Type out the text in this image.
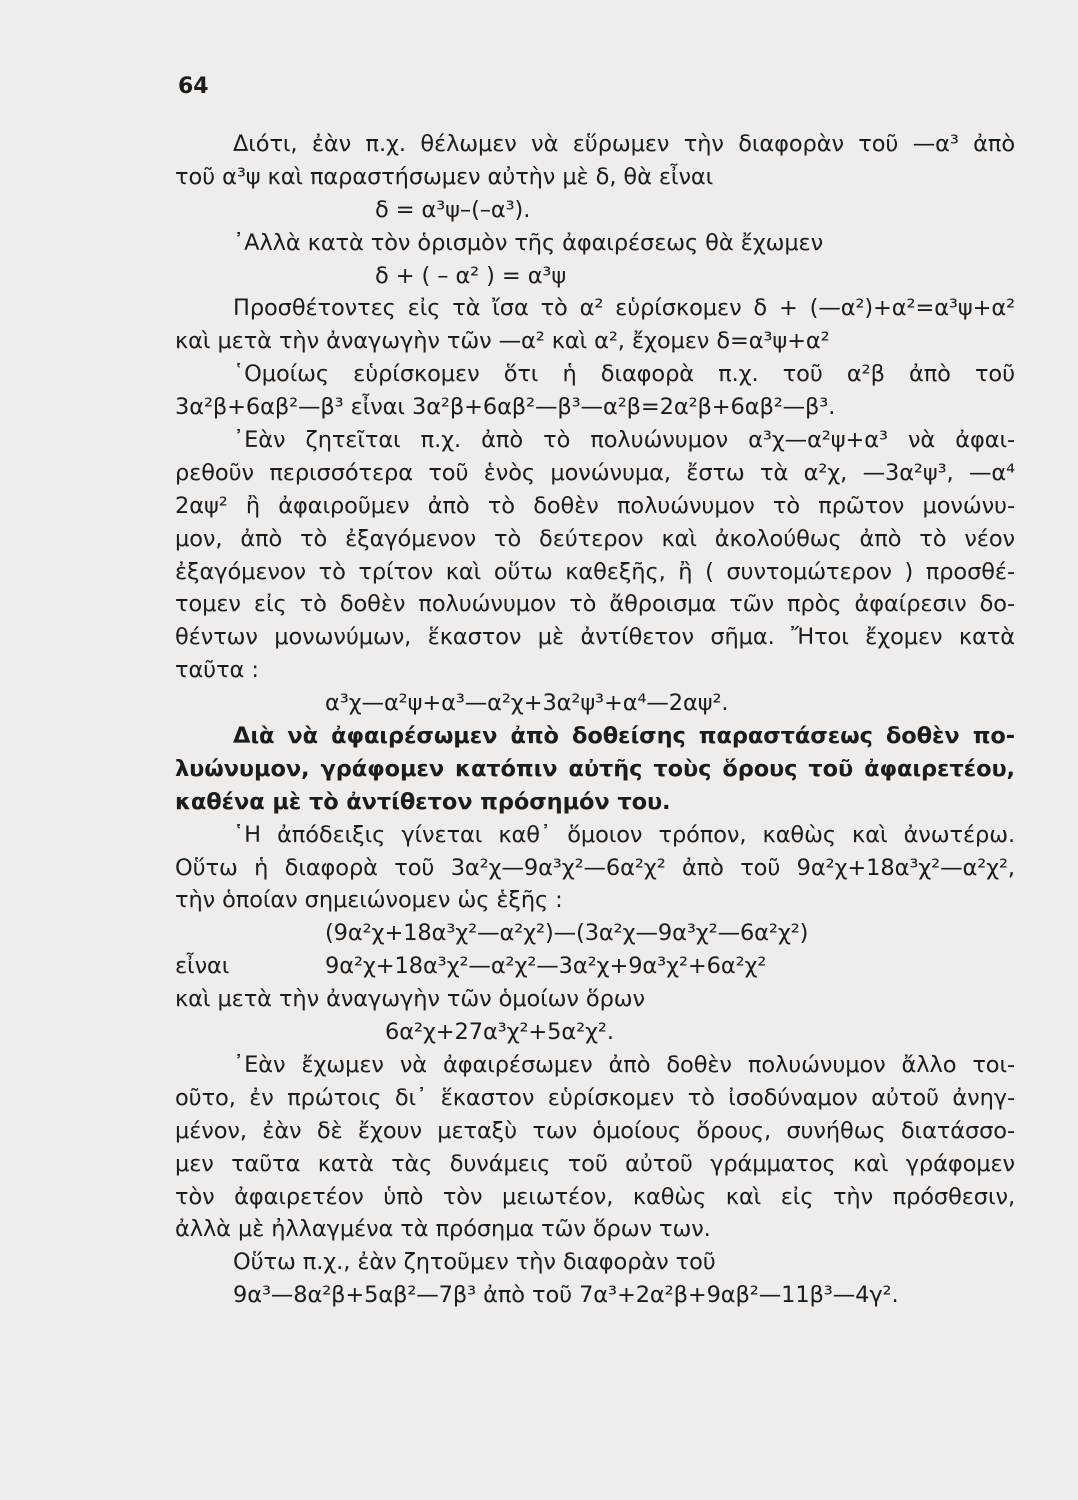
64
Διότι, ἐὰν π.χ. θέλωμεν νὰ εὕρωμεν τὴν διαφορὰν τοῦ —α³ ἀπὸ
τοῦ α³ψ καὶ παραστήσωμεν αὐτὴν μὲ δ, θὰ εἶναι
δ = α³ψ–(–α³).
᾿Αλλὰ κατὰ τὸν ὁρισμὸν τῆς ἀφαιρέσεως θὰ ἔχωμεν
δ + ( – α² ) = α³ψ
Προσθέτοντες εἰς τὰ ἴσα τὸ α² εὑρίσκομεν δ + (—α²)+α²=α³ψ+α²
καὶ μετὰ τὴν ἀναγωγὴν τῶν —α² καὶ α², ἔχομεν δ=α³ψ+α²
῾Ομοίως εὑρίσκομεν ὅτι ἡ διαφορὰ π.χ. τοῦ α²β ἀπὸ τοῦ
3α²β+6αβ²—β³ εἶναι 3α²β+6αβ²—β³—α²β=2α²β+6αβ²—β³.
᾿Εὰν ζητεῖται π.χ. ἀπὸ τὸ πολυώνυμον α³χ—α²ψ+α³ νὰ ἀφαι-
ρεθοῦν περισσότερα τοῦ ἑνὸς μονώνυμα, ἔστω τὰ α²χ, —3α²ψ³, —α⁴
2αψ² ἢ ἀφαιροῦμεν ἀπὸ τὸ δοθὲν πολυώνυμον τὸ πρῶτον μονώνυ-
μον, ἀπὸ τὸ ἐξαγόμενον τὸ δεύτερον καὶ ἀκολούθως ἀπὸ τὸ νέον
ἐξαγόμενον τὸ τρίτον καὶ οὕτω καθεξῆς, ἢ ( συντομώτερον ) προσθέ-
τομεν εἰς τὸ δοθὲν πολυώνυμον τὸ ἄθροισμα τῶν πρὸς ἀφαίρεσιν δο-
θέντων μονωνύμων, ἕκαστον μὲ ἀντίθετον σῆμα. Ἤτοι ἔχομεν κατὰ
ταῦτα :
α³χ—α²ψ+α³—α²χ+3α²ψ³+α⁴—2αψ².
Διὰ νὰ ἀφαιρέσωμεν ἀπὸ δοθείσης παραστάσεως δοθὲν πο-
λυώνυμον, γράφομεν κατόπιν αὐτῆς τοὺς ὅρους τοῦ ἀφαιρετέου,
καθένα μὲ τὸ ἀντίθετον πρόσημόν του.
῾Η ἀπόδειξις γίνεται καθ᾿ ὅμοιον τρόπον, καθὼς καὶ ἀνωτέρω.
Οὕτω ἡ διαφορὰ τοῦ 3α²χ—9α³χ²—6α²χ² ἀπὸ τοῦ 9α²χ+18α³χ²—α²χ²,
τὴν ὁποίαν σημειώνομεν ὡς ἑξῆς :
(9α²χ+18α³χ²—α²χ²)—(3α²χ—9α³χ²—6α²χ²)
εἶναι	9α²χ+18α³χ²—α²χ²—3α²χ+9α³χ²+6α²χ²
καὶ μετὰ τὴν ἀναγωγὴν τῶν ὁμοίων ὅρων
6α²χ+27α³χ²+5α²χ².
᾿Εὰν ἔχωμεν νὰ ἀφαιρέσωμεν ἀπὸ δοθὲν πολυώνυμον ἄλλο τοι-
οῦτο, ἐν πρώτοις δι᾿ ἕκαστον εὑρίσκομεν τὸ ἰσοδύναμον αὐτοῦ ἀνηγ-
μένον, ἐὰν δὲ ἔχουν μεταξὺ των ὁμοίους ὅρους, συνήθως διατάσσο-
μεν ταῦτα κατὰ τὰς δυνάμεις τοῦ αὐτοῦ γράμματος καὶ γράφομεν
τὸν ἀφαιρετέον ὑπὸ τὸν μειωτέον, καθὼς καὶ εἰς τὴν πρόσθεσιν,
ἀλλὰ μὲ ἠλλαγμένα τὰ πρόσημα τῶν ὅρων των.
Οὕτω π.χ., ἐὰν ζητοῦμεν τὴν διαφορὰν τοῦ
9α³—8α²β+5αβ²—7β³ ἀπὸ τοῦ 7α³+2α²β+9αβ²—11β³—4γ².
